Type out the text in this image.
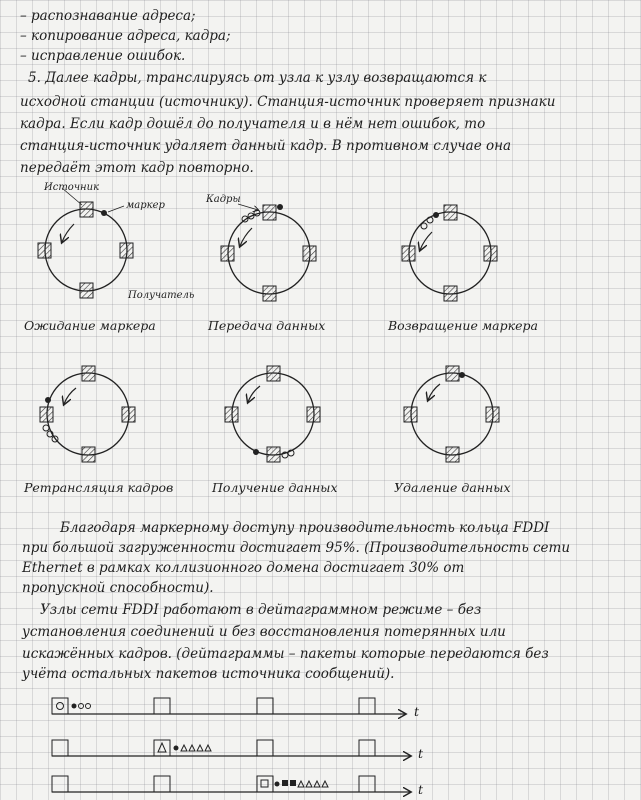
– распознавание адреса;
– копирование адреса, кадра;
– исправление ошибок.
5. Далее кадры, транслируясь от узла к узлу возвращаются к
исходной станции (источнику). Станция-источник проверяет признаки
кадра. Если кадр дошёл до получателя и в нём нет ошибок, то
станция-источник удаляет данный кадр. В противном случае она
передаёт этот кадр повторно.
Источник
маркер
Кадры
Получатель
Ожидание маркера	Передача данных	Возвращение маркера
Ретрансляция кадров	Получение данных	Удаление данных
Благодаря маркерному доступу производительность кольца FDDI
при большой загруженности достигает 95%. (Производительность сети
Ethernet в рамках коллизионного домена достигает 30% от
пропускной способности).
Узлы сети FDDI работают в дейтаграммном режиме – без
установления соединений и без восстановления потерянных или
искажённых кадров. (дейтаграммы – пакеты которые передаются без
учёта остальных пакетов источника сообщений).
t
t
t
